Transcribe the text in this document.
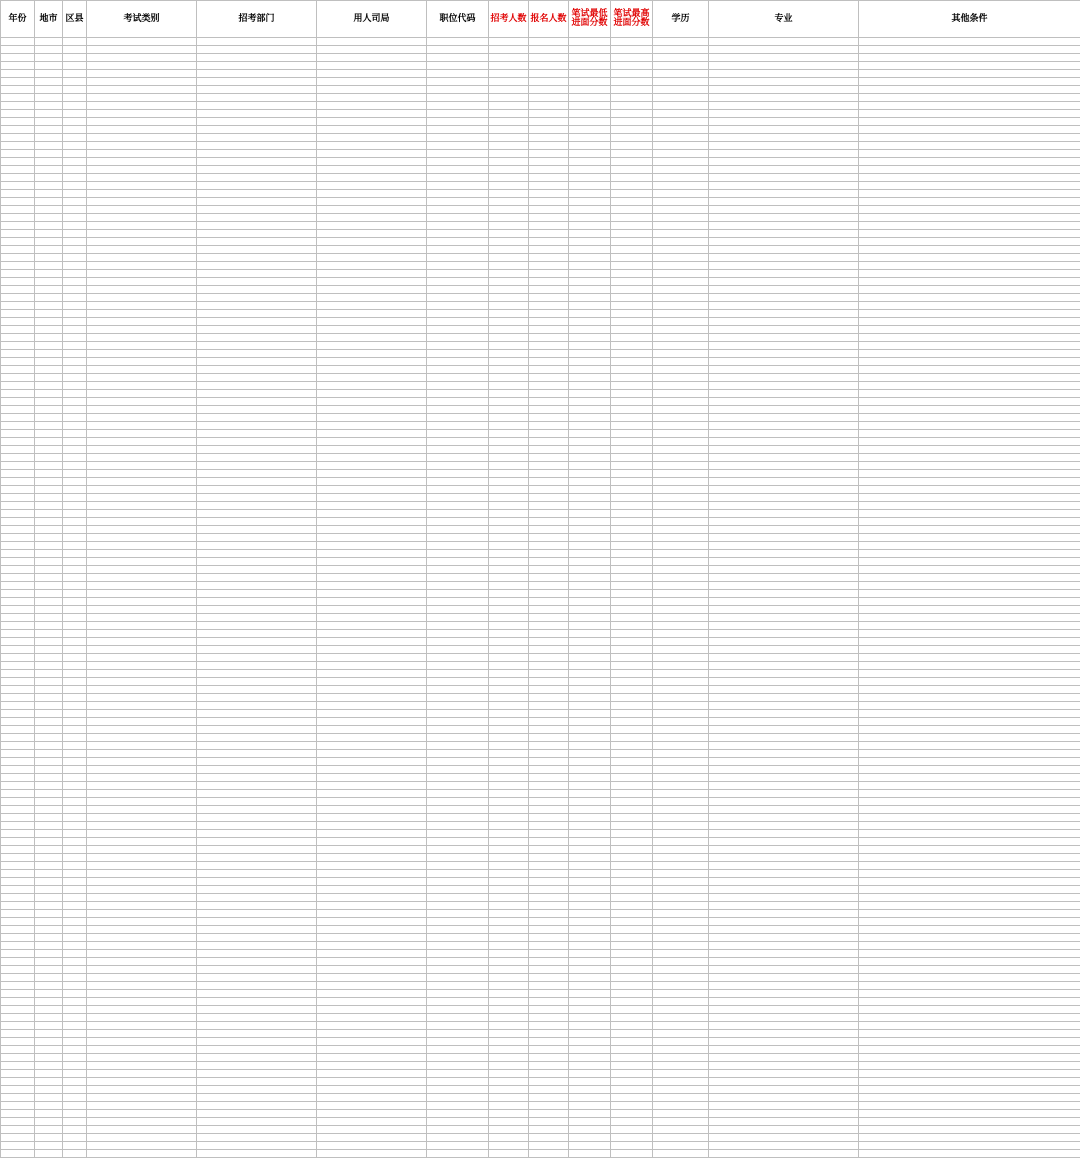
年份	地市	区县	考试类别	招考部门	用人司局	职位代码	招考人数	报名人数	笔试最低进面分数	笔试最高进面分数	学历	专业	其他条件
